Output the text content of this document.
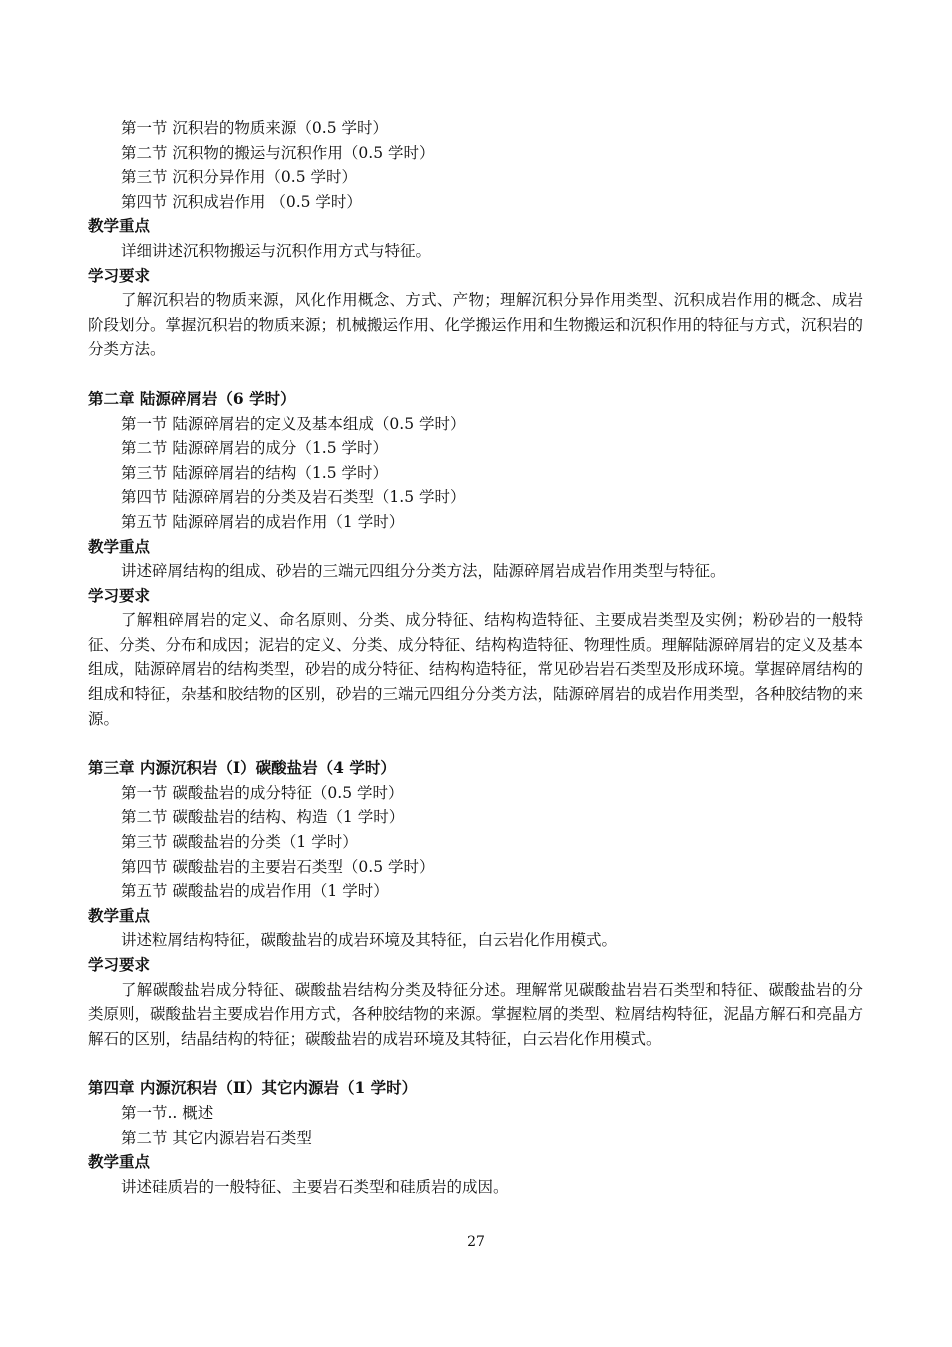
第一节 沉积岩的物质来源（0.5 学时）
第二节 沉积物的搬运与沉积作用（0.5 学时）
第三节 沉积分异作用（0.5 学时）
第四节 沉积成岩作用 （0.5 学时）
教学重点
详细讲述沉积物搬运与沉积作用方式与特征。
学习要求
了解沉积岩的物质来源，风化作用概念、方式、产物；理解沉积分异作用类型、沉积成岩作用的概念、成岩阶段划分。掌握沉积岩的物质来源；机械搬运作用、化学搬运作用和生物搬运和沉积作用的特征与方式，沉积岩的分类方法。
第二章 陆源碎屑岩（6 学时）
第一节 陆源碎屑岩的定义及基本组成（0.5 学时）
第二节 陆源碎屑岩的成分（1.5 学时）
第三节 陆源碎屑岩的结构（1.5 学时）
第四节 陆源碎屑岩的分类及岩石类型（1.5 学时）
第五节 陆源碎屑岩的成岩作用（1 学时）
教学重点
讲述碎屑结构的组成、砂岩的三端元四组分分类方法，陆源碎屑岩成岩作用类型与特征。
学习要求
了解粗碎屑岩的定义、命名原则、分类、成分特征、结构构造特征、主要成岩类型及实例；粉砂岩的一般特征、分类、分布和成因；泥岩的定义、分类、成分特征、结构构造特征、物理性质。理解陆源碎屑岩的定义及基本组成，陆源碎屑岩的结构类型，砂岩的成分特征、结构构造特征，常见砂岩岩石类型及形成环境。掌握碎屑结构的组成和特征，杂基和胶结物的区别，砂岩的三端元四组分分类方法，陆源碎屑岩的成岩作用类型，各种胶结物的来源。
第三章 内源沉积岩（Ⅰ）碳酸盐岩（4 学时）
第一节 碳酸盐岩的成分特征（0.5 学时）
第二节 碳酸盐岩的结构、构造（1 学时）
第三节 碳酸盐岩的分类（1 学时）
第四节 碳酸盐岩的主要岩石类型（0.5 学时）
第五节 碳酸盐岩的成岩作用（1 学时）
教学重点
讲述粒屑结构特征，碳酸盐岩的成岩环境及其特征，白云岩化作用模式。
学习要求
了解碳酸盐岩成分特征、碳酸盐岩结构分类及特征分述。理解常见碳酸盐岩岩石类型和特征、碳酸盐岩的分类原则，碳酸盐岩主要成岩作用方式，各种胶结物的来源。掌握粒屑的类型、粒屑结构特征，泥晶方解石和亮晶方解石的区别，结晶结构的特征；碳酸盐岩的成岩环境及其特征，白云岩化作用模式。
第四章 内源沉积岩（Ⅱ）其它内源岩（1 学时）
第一节.. 概述
第二节 其它内源岩岩石类型
教学重点
讲述硅质岩的一般特征、主要岩石类型和硅质岩的成因。
27
